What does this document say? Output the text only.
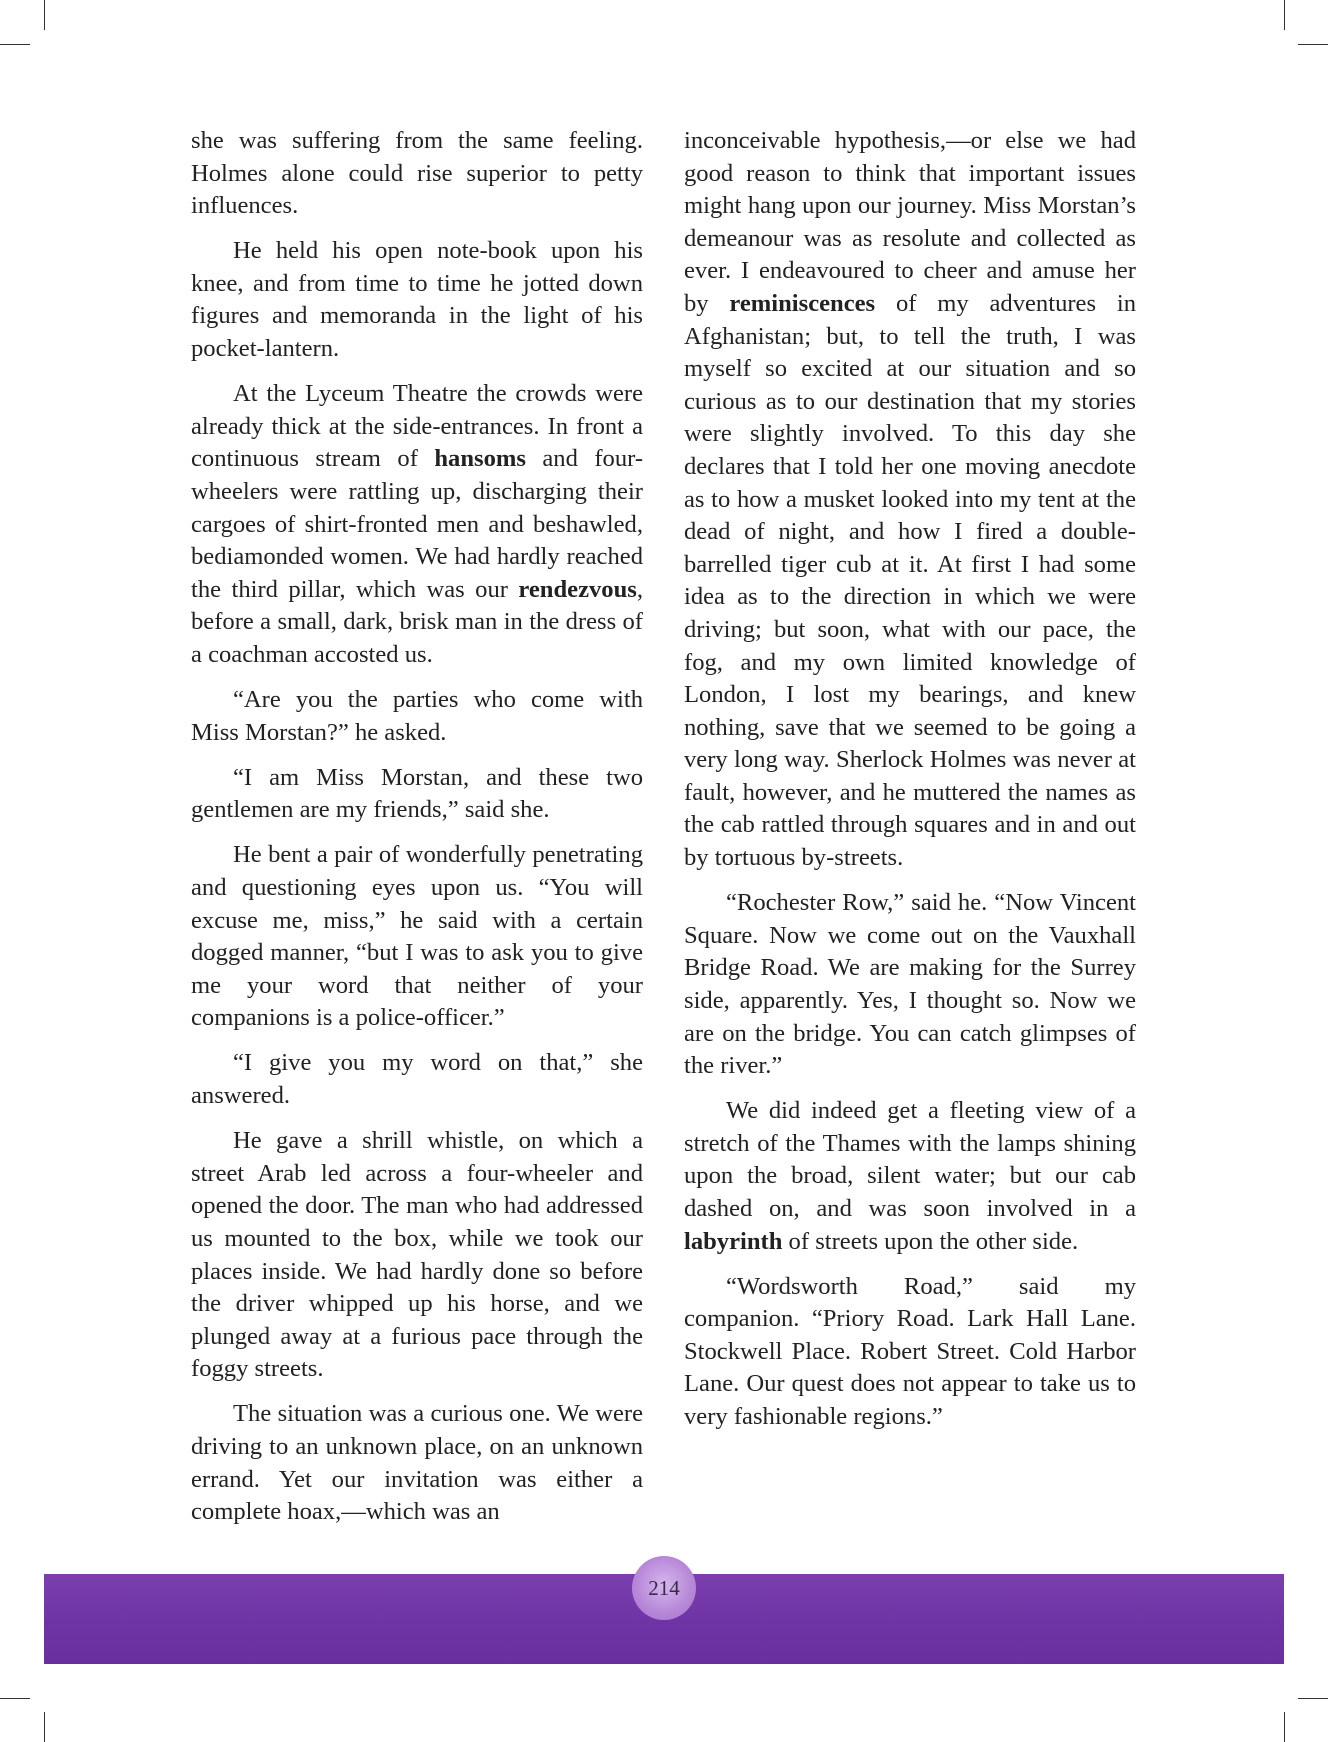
she was suffering from the same feeling. Holmes alone could rise superior to petty influences.

He held his open note-book upon his knee, and from time to time he jotted down figures and memoranda in the light of his pocket-lantern.

At the Lyceum Theatre the crowds were already thick at the side-entrances. In front a continuous stream of hansoms and four-wheelers were rattling up, discharging their cargoes of shirt-fronted men and beshawled, bediamonded women. We had hardly reached the third pillar, which was our rendezvous, before a small, dark, brisk man in the dress of a coachman accosted us.

“Are you the parties who come with Miss Morstan?” he asked.

“I am Miss Morstan, and these two gentlemen are my friends,” said she.

He bent a pair of wonderfully penetrating and questioning eyes upon us. “You will excuse me, miss,” he said with a certain dogged manner, “but I was to ask you to give me your word that neither of your companions is a police-officer.”

“I give you my word on that,” she answered.

He gave a shrill whistle, on which a street Arab led across a four-wheeler and opened the door. The man who had addressed us mounted to the box, while we took our places inside. We had hardly done so before the driver whipped up his horse, and we plunged away at a furious pace through the foggy streets.

The situation was a curious one. We were driving to an unknown place, on an unknown errand. Yet our invitation was either a complete hoax,—which was an

inconceivable hypothesis,—or else we had good reason to think that important issues might hang upon our journey. Miss Morstan’s demeanour was as resolute and collected as ever. I endeavoured to cheer and amuse her by reminiscences of my adventures in Afghanistan; but, to tell the truth, I was myself so excited at our situation and so curious as to our destination that my stories were slightly involved. To this day she declares that I told her one moving anecdote as to how a musket looked into my tent at the dead of night, and how I fired a double-barrelled tiger cub at it. At first I had some idea as to the direction in which we were driving; but soon, what with our pace, the fog, and my own limited knowledge of London, I lost my bearings, and knew nothing, save that we seemed to be going a very long way. Sherlock Holmes was never at fault, however, and he muttered the names as the cab rattled through squares and in and out by tortuous by-streets.

“Rochester Row,” said he. “Now Vincent Square. Now we come out on the Vauxhall Bridge Road. We are making for the Surrey side, apparently. Yes, I thought so. Now we are on the bridge. You can catch glimpses of the river.”

We did indeed get a fleeting view of a stretch of the Thames with the lamps shining upon the broad, silent water; but our cab dashed on, and was soon involved in a labyrinth of streets upon the other side.

“Wordsworth Road,” said my companion. “Priory Road. Lark Hall Lane. Stockwell Place. Robert Street. Cold Harbor Lane. Our quest does not appear to take us to very fashionable regions.”

214
